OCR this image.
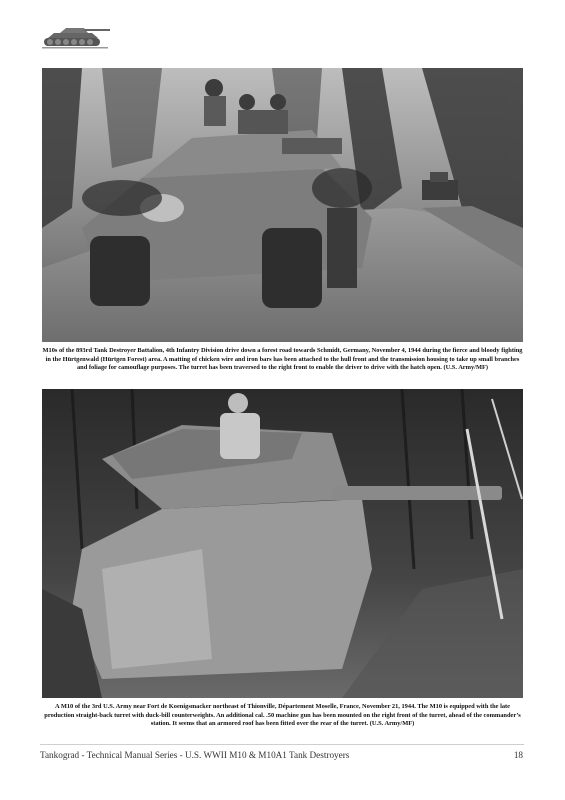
M10s of the 893rd Tank Destroyer Battalion, 4th Infantry Division drive down a forest road towards Schmidt, Germany, November 4, 1944 during the fierce and bloody fighting in the Hürtgenwald (Hürtgen Forest) area. A matting of chicken wire and iron bars has been attached to the hull front and the transmission housing to take up small branches and foliage for camouflage purposes. The turret has been traversed to the right front to enable the driver to drive with the hatch open. (U.S. Army/MF)
A M10 of the 3rd U.S. Army near Fort de Koenigsmacker northeast of Thionville, Département Moselle, France, November 21, 1944. The M10 is equipped with the late production straight-back turret with duck-bill counterweights. An additional cal. .50 machine gun has been mounted on the right front of the turret, ahead of the commander’s station. It seems that an armored roof has been fitted over the rear of the turret. (U.S. Army/MF)
Tankograd - Technical Manual Series - U.S. WWII M10 & M10A1 Tank Destroyers	18
